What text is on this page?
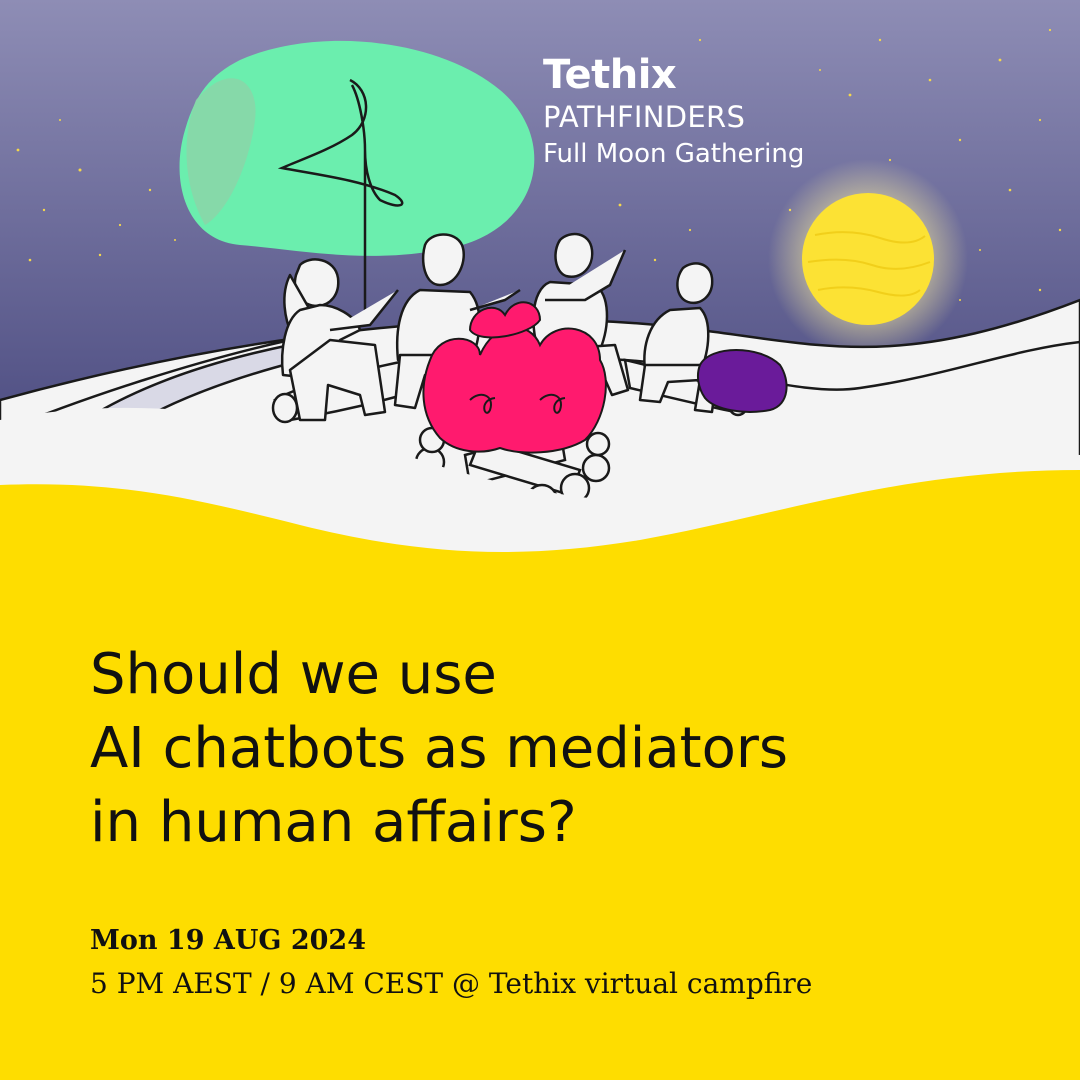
Tethix
PATHFINDERS
Full Moon Gathering
Should we use
AI chatbots as mediators
in human affairs?
Mon 19 AUG 2024
5 PM AEST / 9 AM CEST @ Tethix virtual campfire
